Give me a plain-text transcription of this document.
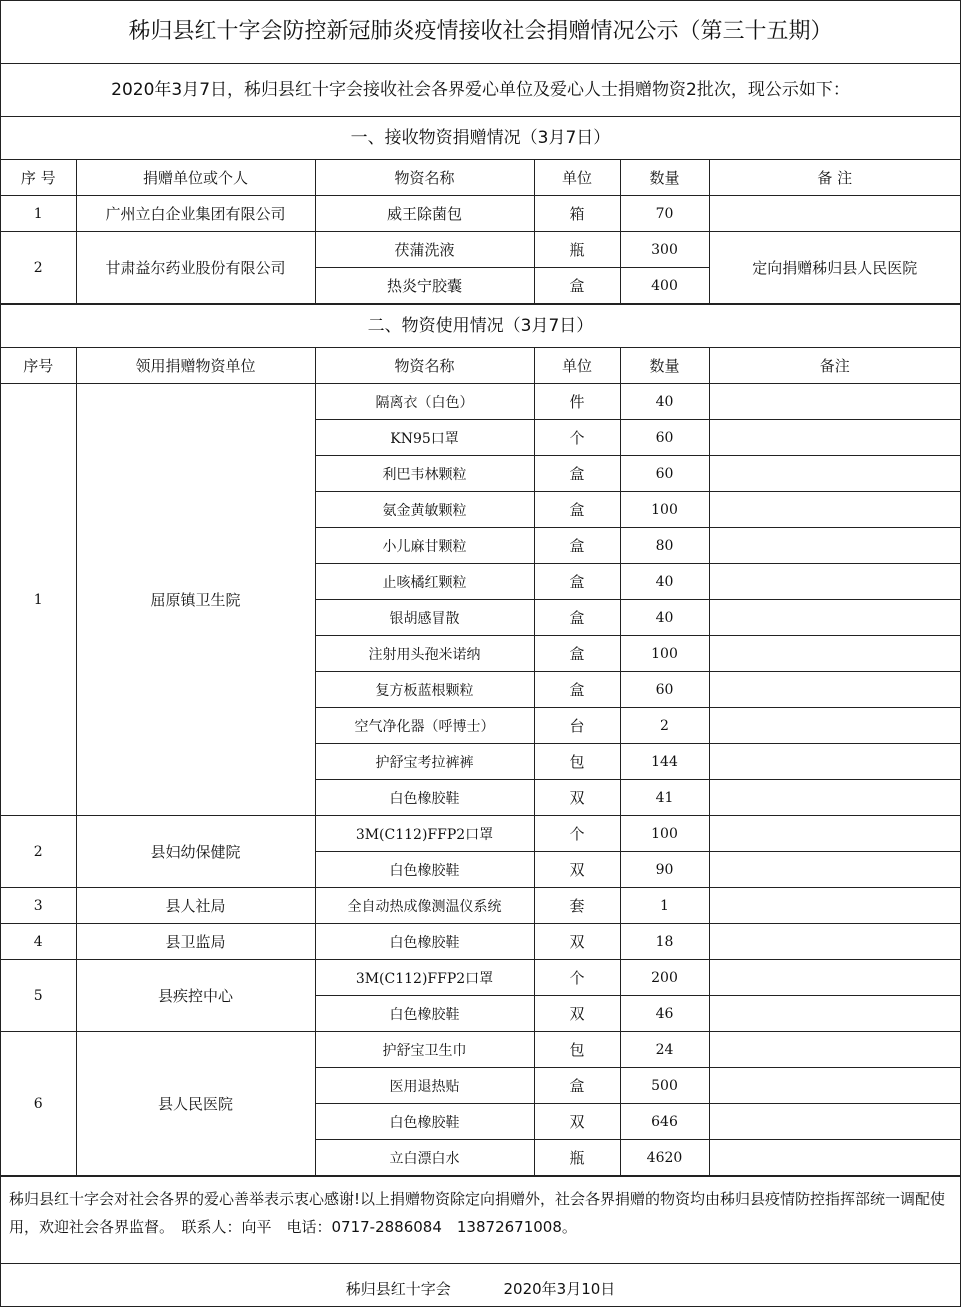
秭归县红十字会防控新冠肺炎疫情接收社会捐赠情况公示（第三十五期）
2020年3月7日，秭归县红十字会接收社会各界爱心单位及爱心人士捐赠物资2批次，现公示如下：
一、接收物资捐赠情况（3月7日）
序 号	捐赠单位或个人	物资名称	单位	数量	备 注
1	广州立白企业集团有限公司	威王除菌包	箱	70	
2	甘肃益尔药业股份有限公司	茯蒲洗液	瓶	300	定向捐赠秭归县人民医院
		热炎宁胶囊	盒	400	
二、物资使用情况（3月7日）
序号	领用捐赠物资单位	物资名称	单位	数量	备注
1	屈原镇卫生院	隔离衣（白色）	件	40	
		KN95口罩	个	60	
		利巴韦林颗粒	盒	60	
		氨金黄敏颗粒	盒	100	
		小儿麻甘颗粒	盒	80	
		止咳橘红颗粒	盒	40	
		银胡感冒散	盒	40	
		注射用头孢米诺纳	盒	100	
		复方板蓝根颗粒	盒	60	
		空气净化器（呼博士）	台	2	
		护舒宝考拉裤裤	包	144	
		白色橡胶鞋	双	41	
2	县妇幼保健院	3M(C112)FFP2口罩	个	100	
		白色橡胶鞋	双	90	
3	县人社局	全自动热成像测温仪系统	套	1	
4	县卫监局	白色橡胶鞋	双	18	
5	县疾控中心	3M(C112)FFP2口罩	个	200	
		白色橡胶鞋	双	46	
6	县人民医院	护舒宝卫生巾	包	24	
		医用退热贴	盒	500	
		白色橡胶鞋	双	646	
		立白漂白水	瓶	4620	
秭归县红十字会对社会各界的爱心善举表示衷心感谢!以上捐赠物资除定向捐赠外，社会各界捐赠的物资均由秭归县疫情防控指挥部统一调配使用，欢迎社会各界监督。　联系人：向平　电话：0717-2886084　13872671008。
秭归县红十字会	2020年3月10日
